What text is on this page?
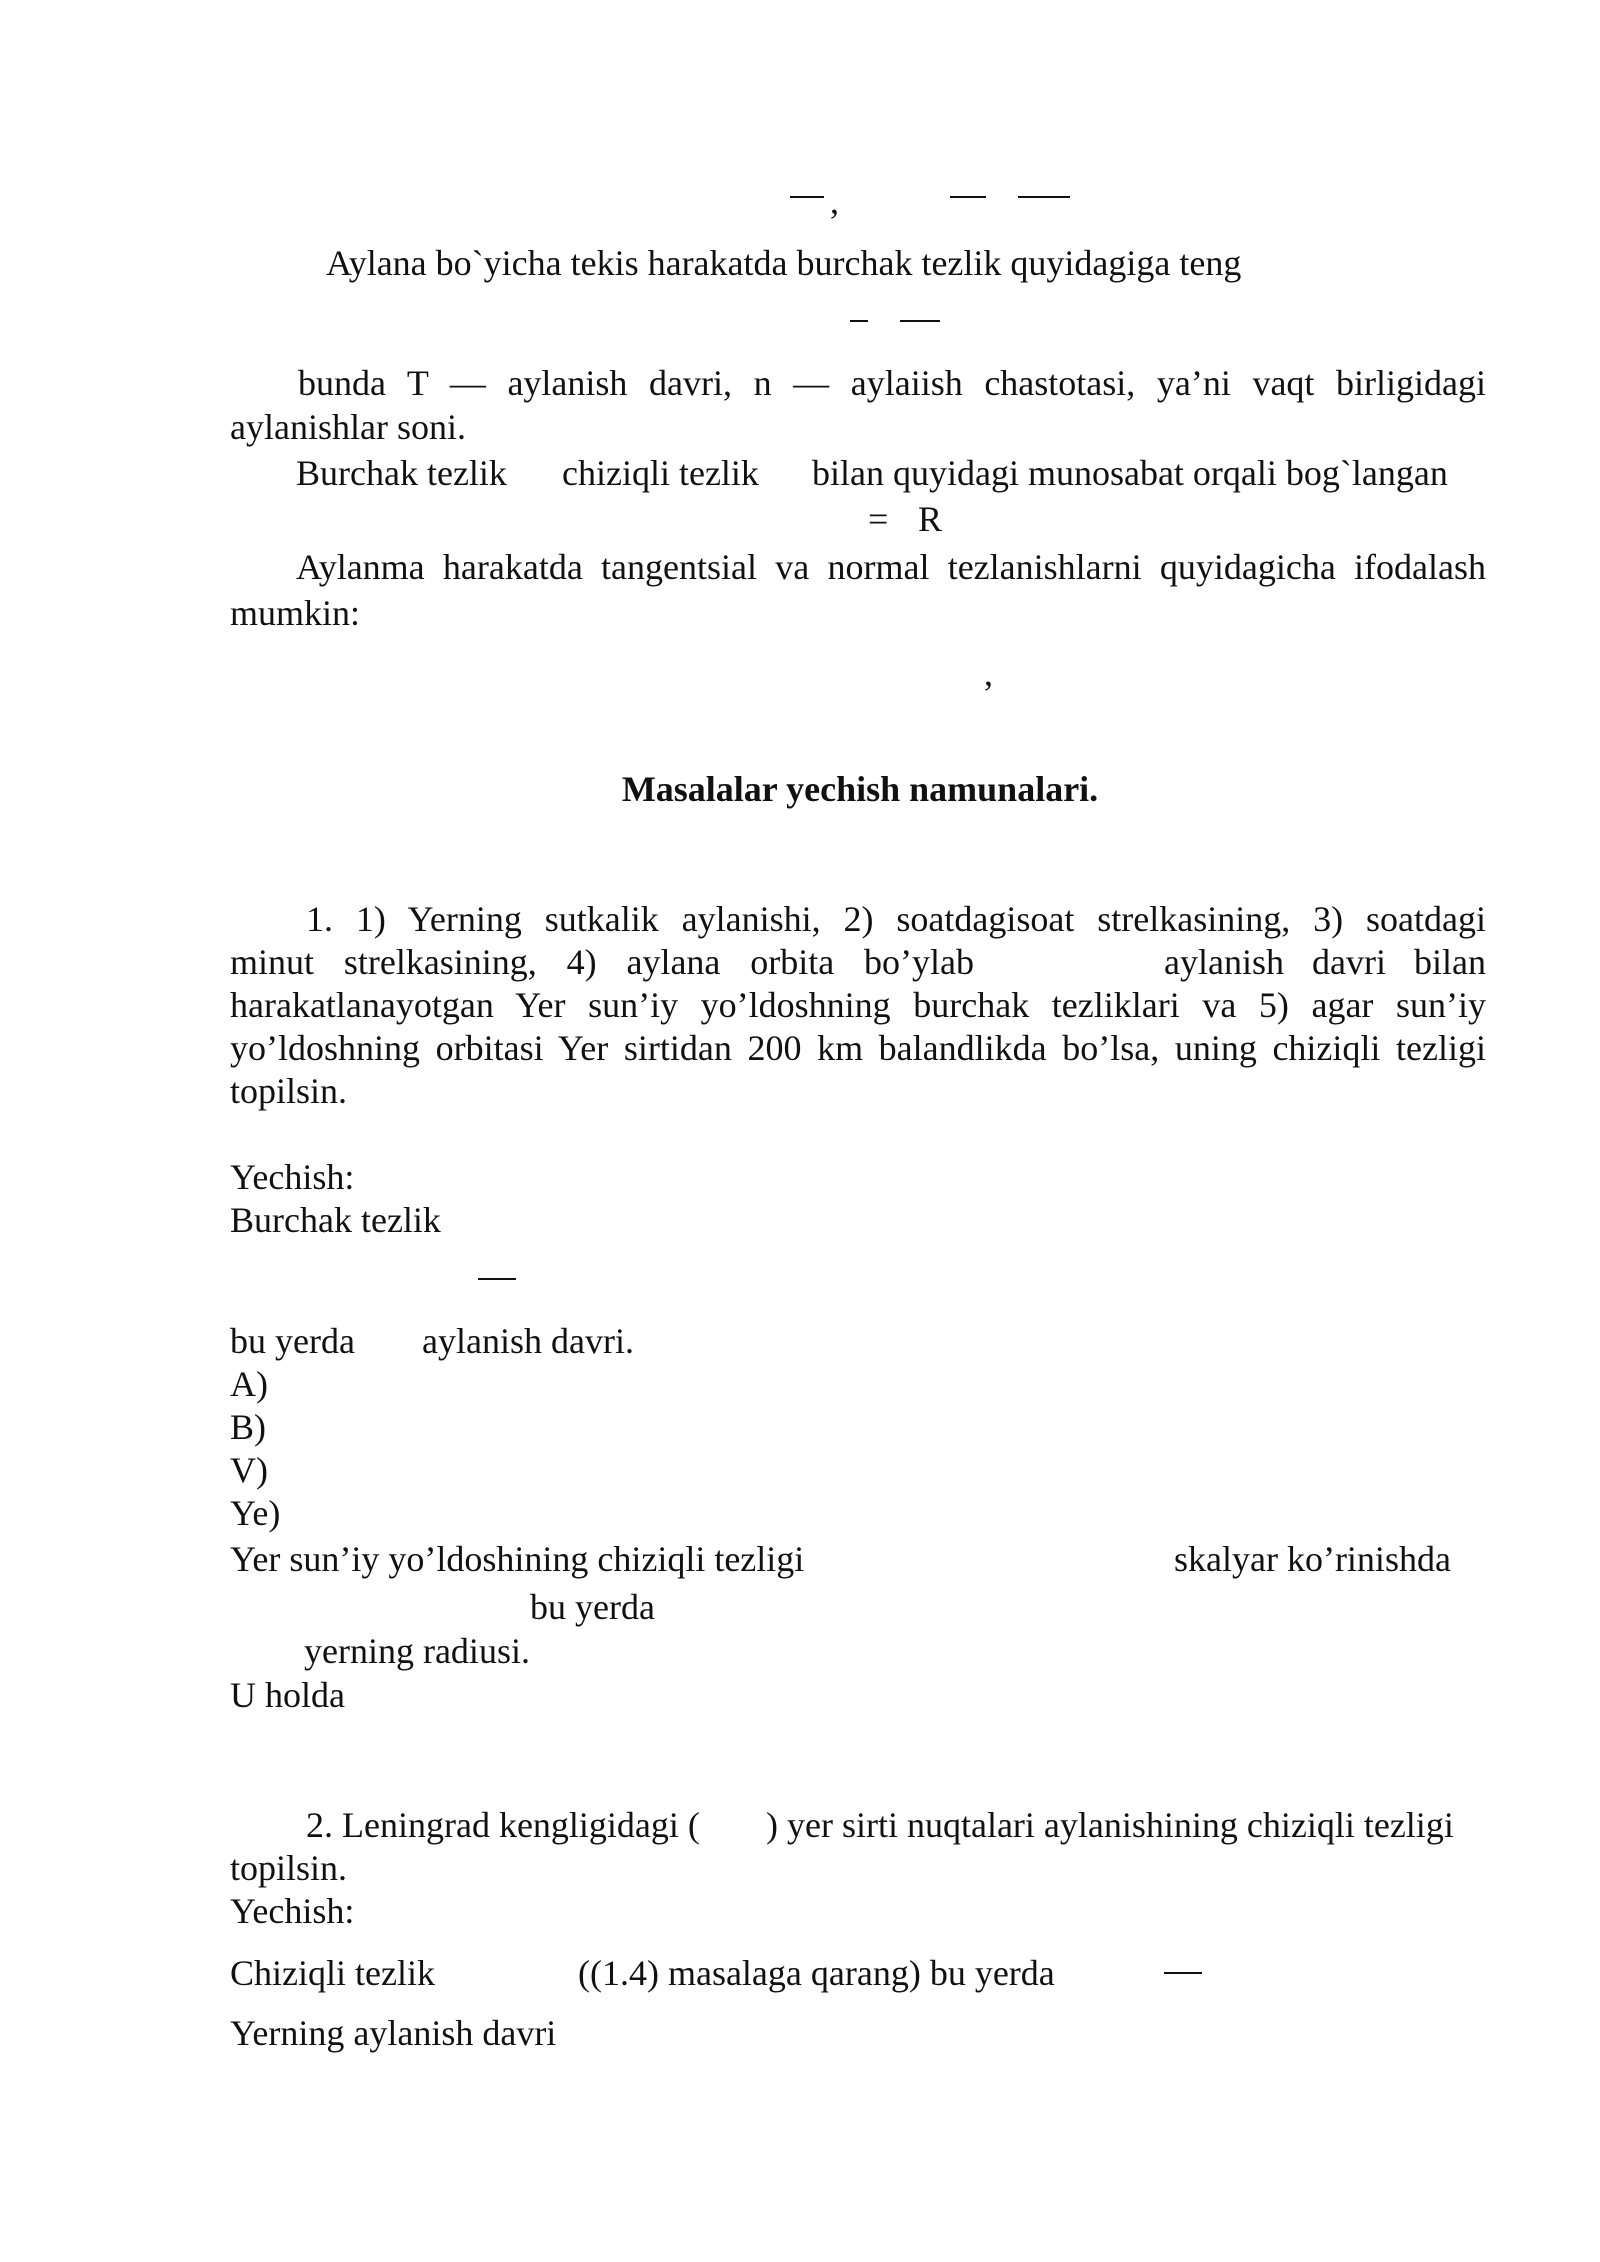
,
Aylana bo`yicha tekis harakatda burchak tezlik quyidagiga teng
bunda T — aylanish davri, n — aylaiish chastotasi, ya’ni vaqt birligidagi
aylanishlar soni.
Burchak tezlik chiziqli tezlik bilan quyidagi munosabat orqali bog`langan
= R
Aylanma harakatda tangentsial va normal tezlanishlarni quyidagicha ifodalash
mumkin:
,
Masalalar yechish namunalari.
1. 1) Yerning sutkalik aylanishi, 2) soatdagisoat strelkasining, 3) soatdagi
minut strelkasining, 4) aylana orbita bo’ylab	aylanish davri bilan
harakatlanayotgan Yer sun’iy yo’ldoshning burchak tezliklari va 5) agar sun’iy
yo’ldoshning orbitasi Yer sirtidan 200 km balandlikda bo’lsa, uning chiziqli tezligi
topilsin.
Yechish:
Burchak tezlik
bu yerda aylanish davri.
A)
B)
V)
Ye)
Yer sun’iy yo’ldoshining chiziqli tezligi	skalyar ko’rinishda
bu yerda
yerning radiusi.
U holda
2. Leningrad kengligidagi ( ) yer sirti nuqtalari aylanishining chiziqli tezligi
topilsin.
Yechish:
Chiziqli tezlik	((1.4) masalaga qarang) bu yerda
Yerning aylanish davri
